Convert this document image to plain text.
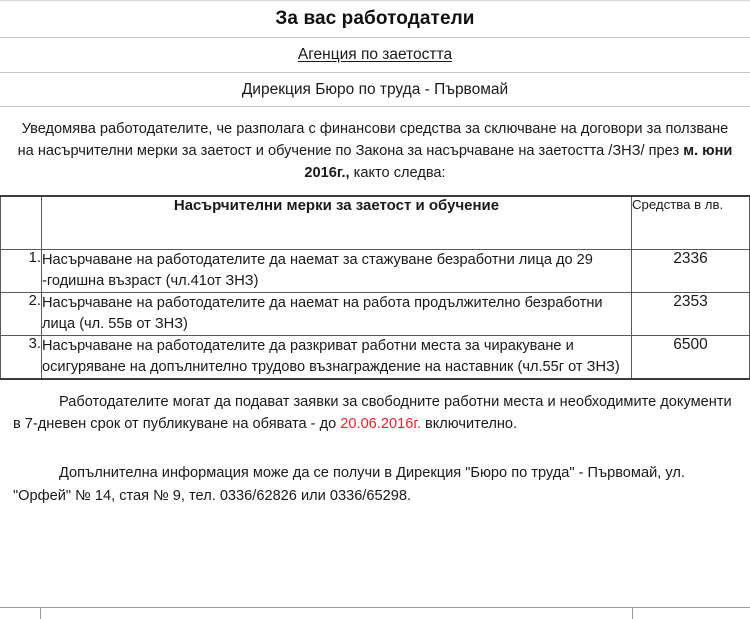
За вас работодатели
Агенция по заетостта
Дирекция Бюро по труда - Първомай
Уведомява работодателите, че разполага с финансови средства за сключване на договори за ползване на насърчителни мерки за заетост и обучение по Закона за насърчаване на заетостта /ЗНЗ/ през м. юни 2016г., както следва:
	Насърчителни мерки за заетост и обучение	Средства в лв.
1.	Насърчаване на работодателите да наемат за стажуване безработни лица до 29 -годишна възраст (чл.41от ЗНЗ)	2336
2.	Насърчаване на работодателите да наемат на работа продължително безработни лица (чл. 55в от ЗНЗ)	2353
3.	Насърчаване на работодателите да разкриват работни места за чиракуване и осигуряване на допълнително трудово възнаграждение на наставник (чл.55г от ЗНЗ)	6500
Работодателите могат да подават заявки за свободните работни места и необходимите документи в 7-дневен срок от публикуване на обявата - до 20.06.2016г. включително.
Допълнителна информация може да се получи в Дирекция "Бюро по труда" - Първомай, ул. "Орфей" № 14, стая № 9, тел. 0336/62826 или 0336/65298.
